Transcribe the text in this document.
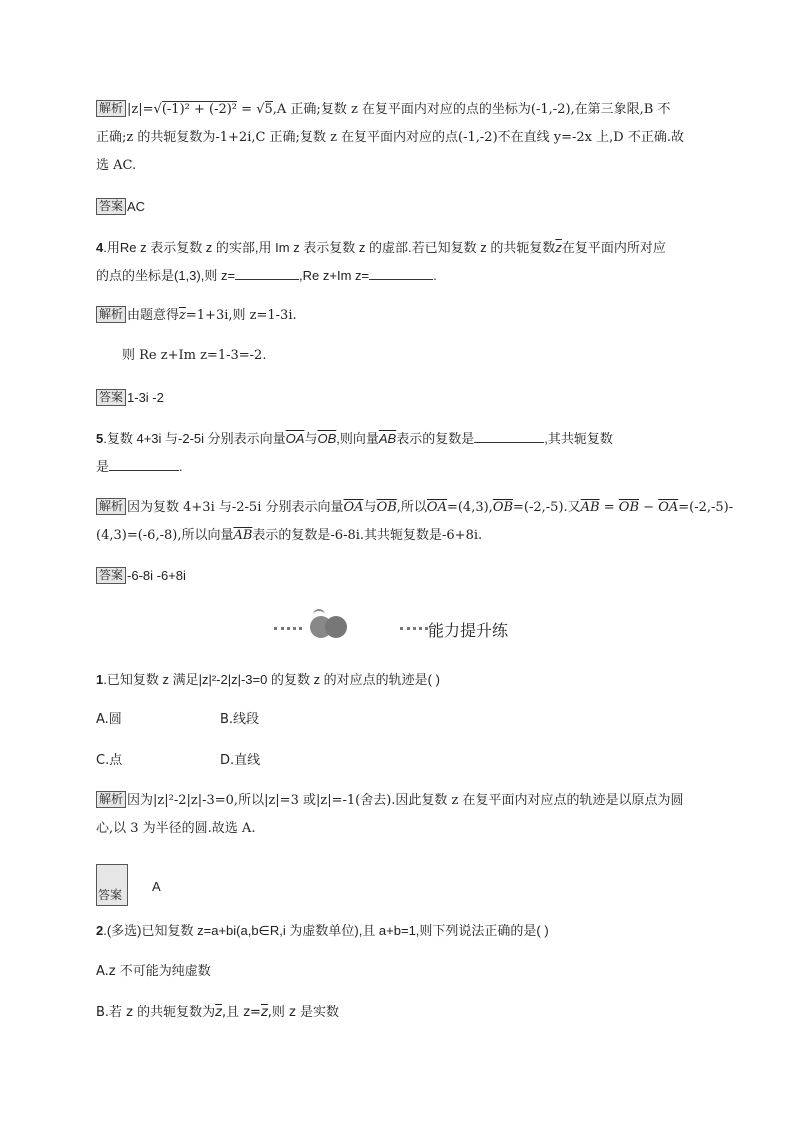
解析 |z|=√(-1)² + (-2)² = √5,A 正确;复数 z 在复平面内对应的点的坐标为(-1,-2),在第三象限,B 不
正确;z 的共轭复数为-1+2i,C 正确;复数 z 在复平面内对应的点(-1,-2)不在直线 y=-2x 上,D 不正确.故
选 AC.
答案 AC
4.用Re z 表示复数 z 的实部,用 Im z 表示复数 z 的虚部.若已知复数 z 的共轭复数$\overline{z}$在复平面内所对应
的点的坐标是(1,3),则 z=	,Re z+Im z=	.
解析 由题意得$\overline{z}=1+3i$,则 z=1-3i.
则 Re z+Im z=1-3=-2.
答案 1-3i -2
5.复数 4+3i 与-2-5i 分别表示向量$\overline{OA}$与$\overline{OB}$,则向量$\overline{AB}$表示的复数是	,其共轭复数
是	.
解析 因为复数 4+3i 与-2-5i 分别表示向量$\overline{OA}$与$\overline{OB}$,所以$\overline{OA}=(4,3),\overline{OB}=(-2,-5)$.又$\overline{AB} = \overline{OB} - \overline{OA}=(-2,-5)-$
(4,3)=(-6,-8),所以向量$\overline{AB}$表示的复数是-6-8i.其共轭复数是-6+8i.
答案 -6-8i -6+8i
能力提升练
1.已知复数 z 满足|z|²-2|z|-3=0 的复数 z 的对应点的轨迹是( )
A.圆	B.线段
C.点	D.直线
解析 因为|z|²-2|z|-3=0,所以|z|=3 或|z|=-1(舍去).因此复数 z 在复平面内对应点的轨迹是以原点为圆
心,以 3 为半径的圆.故选 A.
答案
A
2.(多选)已知复数 z=a+bi(a,b∈R,i 为虚数单位),且 a+b=1,则下列说法正确的是( )
A.z 不可能为纯虚数
B.若 z 的共轭复数为$\overline{z}$,且 $z=\overline{z}$,则 z 是实数
